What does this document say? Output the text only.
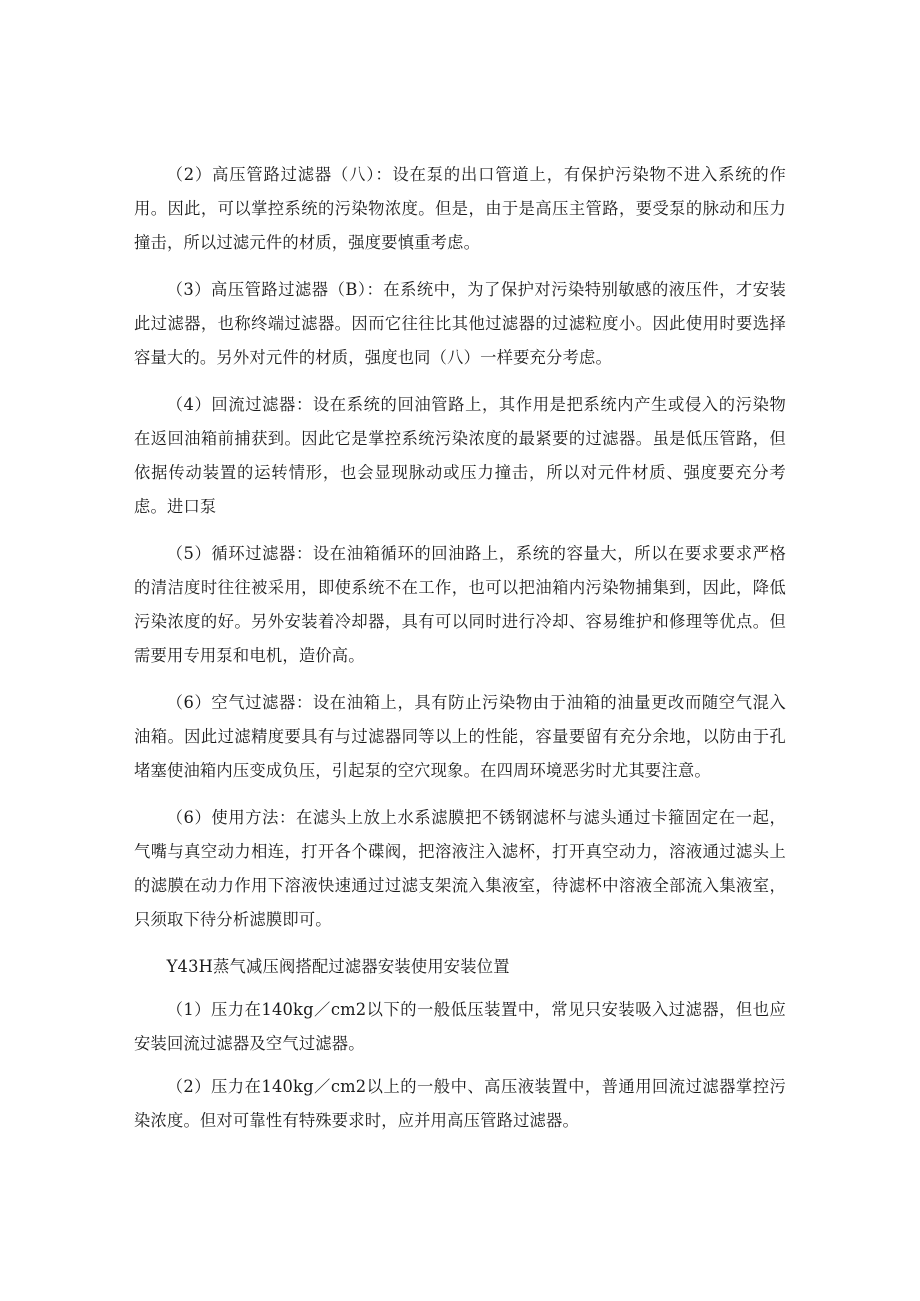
（2）高压管路过滤器（八）：设在泵的出口管道上，有保护污染物不进入系统的作用。因此，可以掌控系统的污染物浓度。但是，由于是高压主管路，要受泵的脉动和压力撞击，所以过滤元件的材质，强度要慎重考虑。

（3）高压管路过滤器（B）：在系统中，为了保护对污染特别敏感的液压件，才安装此过滤器，也称终端过滤器。因而它往往比其他过滤器的过滤粒度小。因此使用时要选择容量大的。另外对元件的材质，强度也同（八）一样要充分考虑。

（4）回流过滤器：设在系统的回油管路上，其作用是把系统内产生或侵入的污染物在返回油箱前捕获到。因此它是掌控系统污染浓度的最紧要的过滤器。虽是低压管路，但依据传动装置的运转情形，也会显现脉动或压力撞击，所以对元件材质、强度要充分考虑。进口泵

（5）循环过滤器：设在油箱循环的回油路上，系统的容量大，所以在要求要求严格的清洁度时往往被采用，即使系统不在工作，也可以把油箱内污染物捕集到，因此，降低污染浓度的好。另外安装着冷却器，具有可以同时进行冷却、容易维护和修理等优点。但需要用专用泵和电机，造价高。

（6）空气过滤器：设在油箱上，具有防止污染物由于油箱的油量更改而随空气混入油箱。因此过滤精度要具有与过滤器同等以上的性能，容量要留有充分余地，以防由于孔堵塞使油箱内压变成负压，引起泵的空穴现象。在四周环境恶劣时尤其要注意。

（6）使用方法：在滤头上放上水系滤膜把不锈钢滤杯与滤头通过卡箍固定在一起，气嘴与真空动力相连，打开各个碟阀，把溶液注入滤杯，打开真空动力，溶液通过滤头上的滤膜在动力作用下溶液快速通过过滤支架流入集液室，待滤杯中溶液全部流入集液室，只须取下待分析滤膜即可。

Y43H蒸气减压阀搭配过滤器安装使用安装位置

（1）压力在140kg／cm2以下的一般低压装置中，常见只安装吸入过滤器，但也应安装回流过滤器及空气过滤器。

（2）压力在140kg／cm2以上的一般中、高压液装置中，普通用回流过滤器掌控污染浓度。但对可靠性有特殊要求时，应并用高压管路过滤器。
